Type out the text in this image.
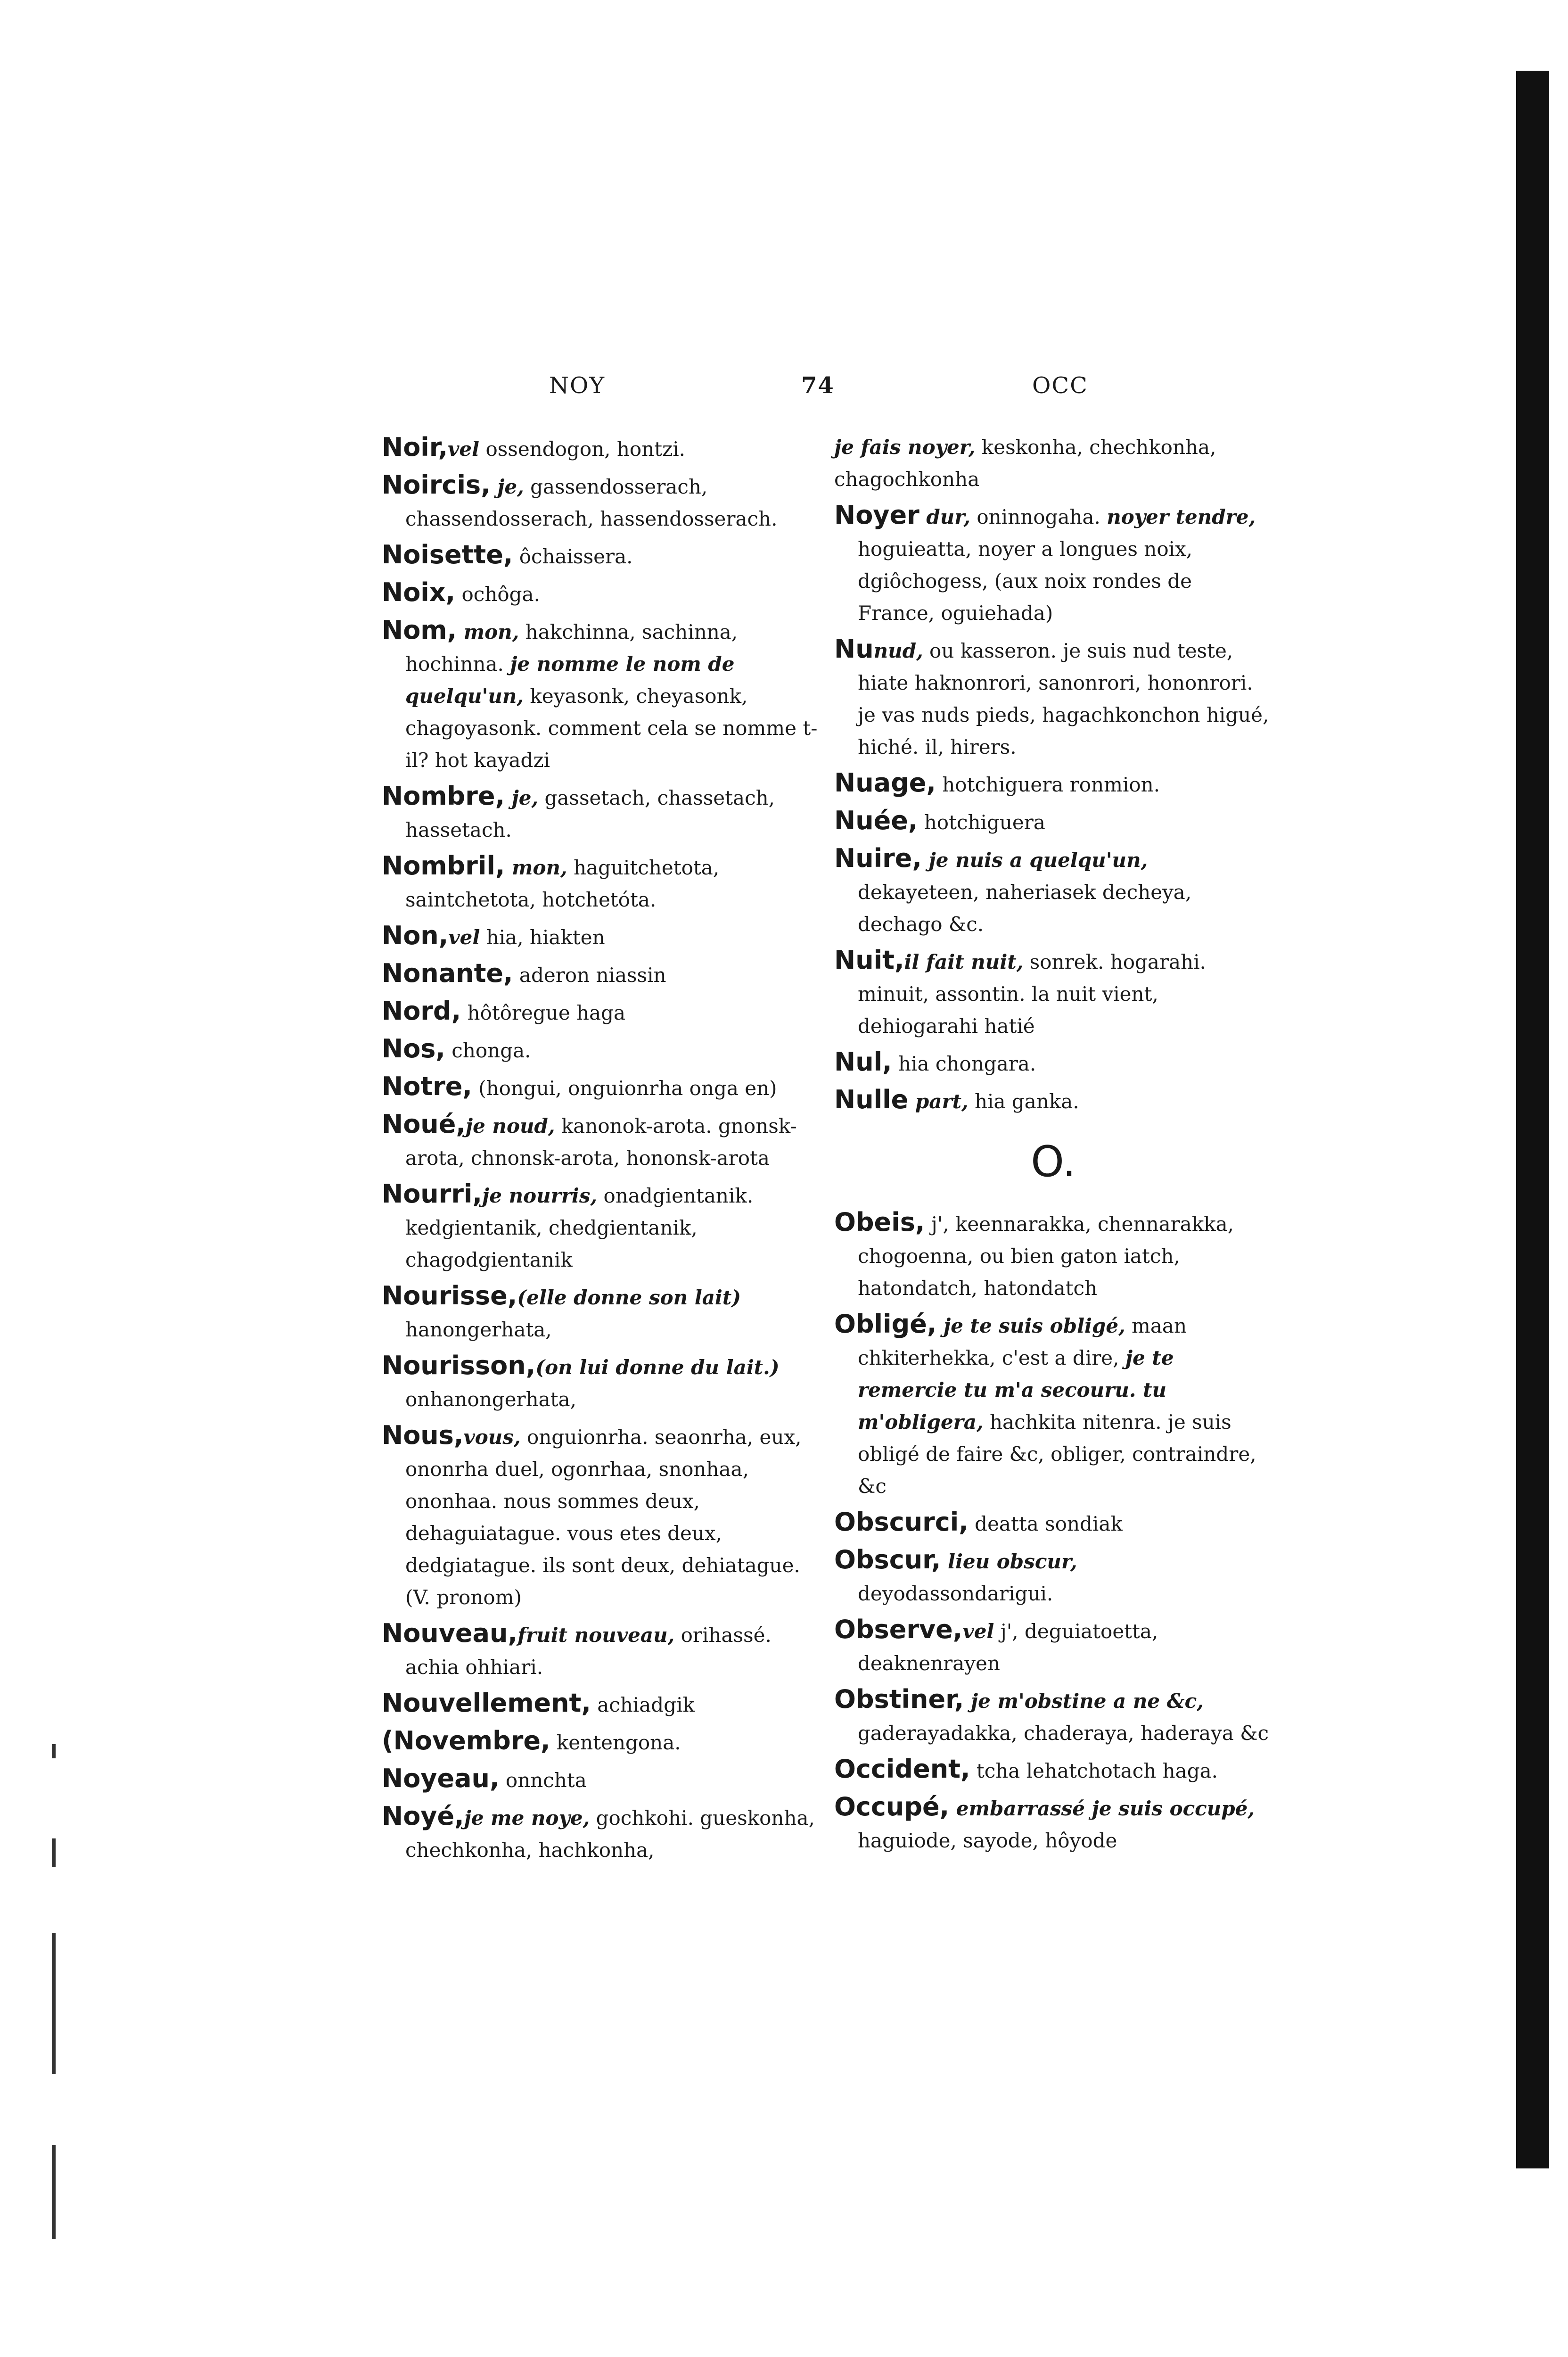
NOY	74	OCC
Noir,vel ossendogon, hontzi.
Noircis, je, gassendosserach, chassendosserach, hassendosserach.
Noisette, ôchaissera.
Noix, ochôga.
Nom, mon, hakchinna, sachinna, hochinna. je nomme le nom de quelqu'un, keyasonk, cheyasonk, chagoyasonk. comment cela se nomme t-il? hot kayadzi
Nombre, je, gassetach, chassetach, hassetach.
Nombril, mon, haguitchetota, saintchetota, hotchetóta.
Non,vel hia, hiakten
Nonante, aderon niassin
Nord, hôtôregue haga
Nos, chonga.
Notre, (hongui, onguionrha onga en)
Noué,je noud, kanonok-arota. gnonsk-arota, chnonsk-arota, hononsk-arota
Nourri,je nourris, onadgientanik. kedgientanik, chedgientanik, chagodgientanik
Nourisse,(elle donne son lait) hanongerhata,
Nourisson,(on lui donne du lait.) onhanongerhata,
Nous,vous, onguionrha. seaonrha, eux, ononrha duel, ogonrhaa, snonhaa, ononhaa. nous sommes deux, dehaguiatague. vous etes deux, dedgiatague. ils sont deux, dehiatague. (V. pronom)
Nouveau,fruit nouveau, orihassé. achia ohhiari.
Nouvellement, achiadgik
(Novembre, kentengona.
Noyeau, onnchta
Noyé,je me noye, gochkohi. gueskonha, chechkonha, hachkonha,
je fais noyer, keskonha, chechkonha, chagochkonha
Noyer dur, oninnogaha. noyer tendre, hoguieatta, noyer a longues noix, dgiôchogess, (aux noix rondes de France, oguiehada)
Nunud, ou kasseron. je suis nud teste, hiate haknonrori, sanonrori, hononrori. je vas nuds pieds, hagachkonchon higué, hiché. il, hirers.
Nuage, hotchiguera ronmion.
Nuée, hotchiguera
Nuire, je nuis a quelqu'un, dekayeteen, naheriasek decheya, dechago &c.
Nuit,il fait nuit, sonrek. hogarahi. minuit, assontin. la nuit vient, dehiogarahi hatié
Nul, hia chongara.
Nulle part, hia ganka.
O.
Obeis, j', keennarakka, chennarakka, chogoenna, ou bien gaton iatch, hatondatch, hatondatch
Obligé, je te suis obligé, maan chkiterhekka, c'est a dire, je te remercie tu m'a secouru. tu m'obligera, hachkita nitenra. je suis obligé de faire &c, obliger, contraindre, &c
Obscurci, deatta sondiak
Obscur, lieu obscur, deyodassondarigui.
Observe,vel j', deguiatoetta, deaknenrayen
Obstiner, je m'obstine a ne &c, gaderayadakka, chaderaya, haderaya &c
Occident, tcha lehatchotach haga.
Occupé, embarrassé je suis occupé, haguiode, sayode, hôyode
